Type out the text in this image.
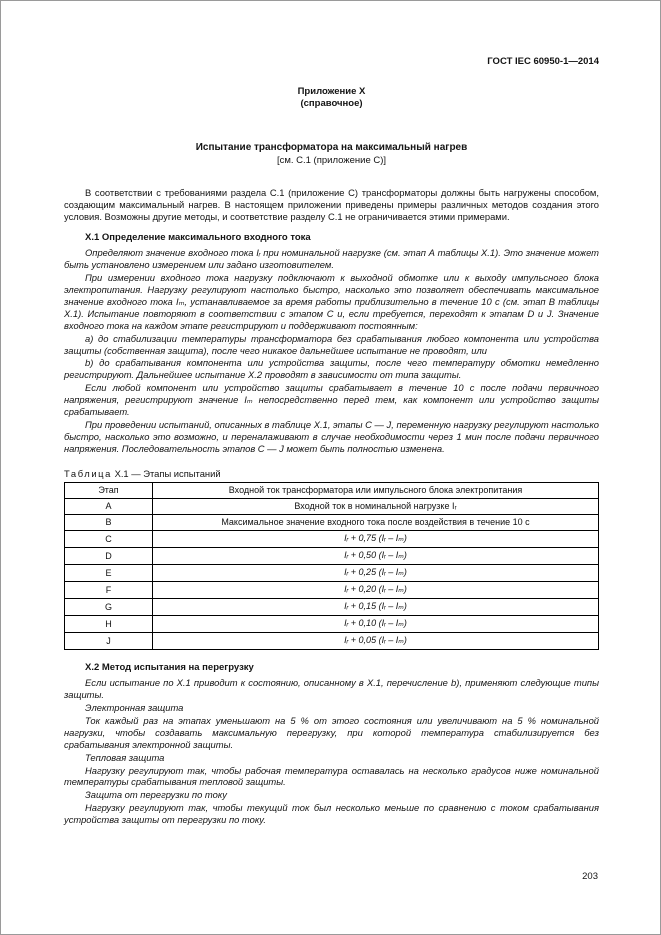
ГОСТ IEC 60950-1—2014
Приложение Х
(справочное)
Испытание трансформатора на максимальный нагрев
[см. С.1 (приложение С)]

В соответствии с требованиями раздела С.1 (приложение С) трансформаторы должны быть нагружены способом, создающим максимальный нагрев. В настоящем приложении приведены примеры различных методов создания этого условия. Возможны другие методы, и соответствие разделу С.1 не ограничивается этими примерами.

Х.1 Определение максимального входного тока

Определяют значение входного тока Iᵣ при номинальной нагрузке (см. этап А таблицы Х.1). Это значение может быть установлено измерением или задано изготовителем.

При измерении входного тока нагрузку подключают к выходной обмотке или к выходу импульсного блока электропитания. Нагрузку регулируют настолько быстро, насколько это позволяет обеспечивать максимальное значение входного тока Iₘ, устанавливаемое за время работы приблизительно в течение 10 с (см. этап В таблицы Х.1). Испытание повторяют в соответствии с этапом С и, если требуется, переходят к этапам D и J. Значение входного тока на каждом этапе регистрируют и поддерживают постоянным:

а) до стабилизации температуры трансформатора без срабатывания любого компонента или устройства защиты (собственная защита), после чего никакое дальнейшее испытание не проводят, или

b) до срабатывания компонента или устройства защиты, после чего температуру обмотки немедленно регистрируют. Дальнейшее испытание Х.2 проводят в зависимости от типа защиты.

Если любой компонент или устройство защиты срабатывает в течение 10 с после подачи первичного напряжения, регистрируют значение Iₘ непосредственно перед тем, как компонент или устройство защиты срабатывает.

При проведении испытаний, описанных в таблице Х.1, этапы С — J, переменную нагрузку регулируют настолько быстро, насколько это возможно, и переналаживают в случае необходимости через 1 мин после подачи первичного напряжения. Последовательность этапов С — J может быть полностью изменена.

Таблица Х.1 — Этапы испытаний
Этап	Входной ток трансформатора или импульсного блока электропитания
A	Входной ток в номинальной нагрузке Iᵣ
B	Максимальное значение входного тока после воздействия в течение 10 с
C	Iᵣ + 0,75 (Iᵣ – Iₘ)
D	Iᵣ + 0,50 (Iᵣ – Iₘ)
E	Iᵣ + 0,25 (Iᵣ – Iₘ)
F	Iᵣ + 0,20 (Iᵣ – Iₘ)
G	Iᵣ + 0,15 (Iᵣ – Iₘ)
H	Iᵣ + 0,10 (Iᵣ – Iₘ)
J	Iᵣ + 0,05 (Iᵣ – Iₘ)
Х.2 Метод испытания на перегрузку

Если испытание по Х.1 приводит к состоянию, описанному в Х.1, перечисление b), применяют следующие типы защиты.

Электронная защита

Ток каждый раз на этапах уменьшают на 5 % от этого состояния или увеличивают на 5 % номинальной нагрузки, чтобы создавать максимальную перегрузку, при которой температура стабилизируется без срабатывания электронной защиты.

Тепловая защита

Нагрузку регулируют так, чтобы рабочая температура оставалась на несколько градусов ниже номинальной температуры срабатывания тепловой защиты.

Защита от перегрузки по току

Нагрузку регулируют так, чтобы текущий ток был несколько меньше по сравнению с током срабатывания устройства защиты от перегрузки по току.

203
